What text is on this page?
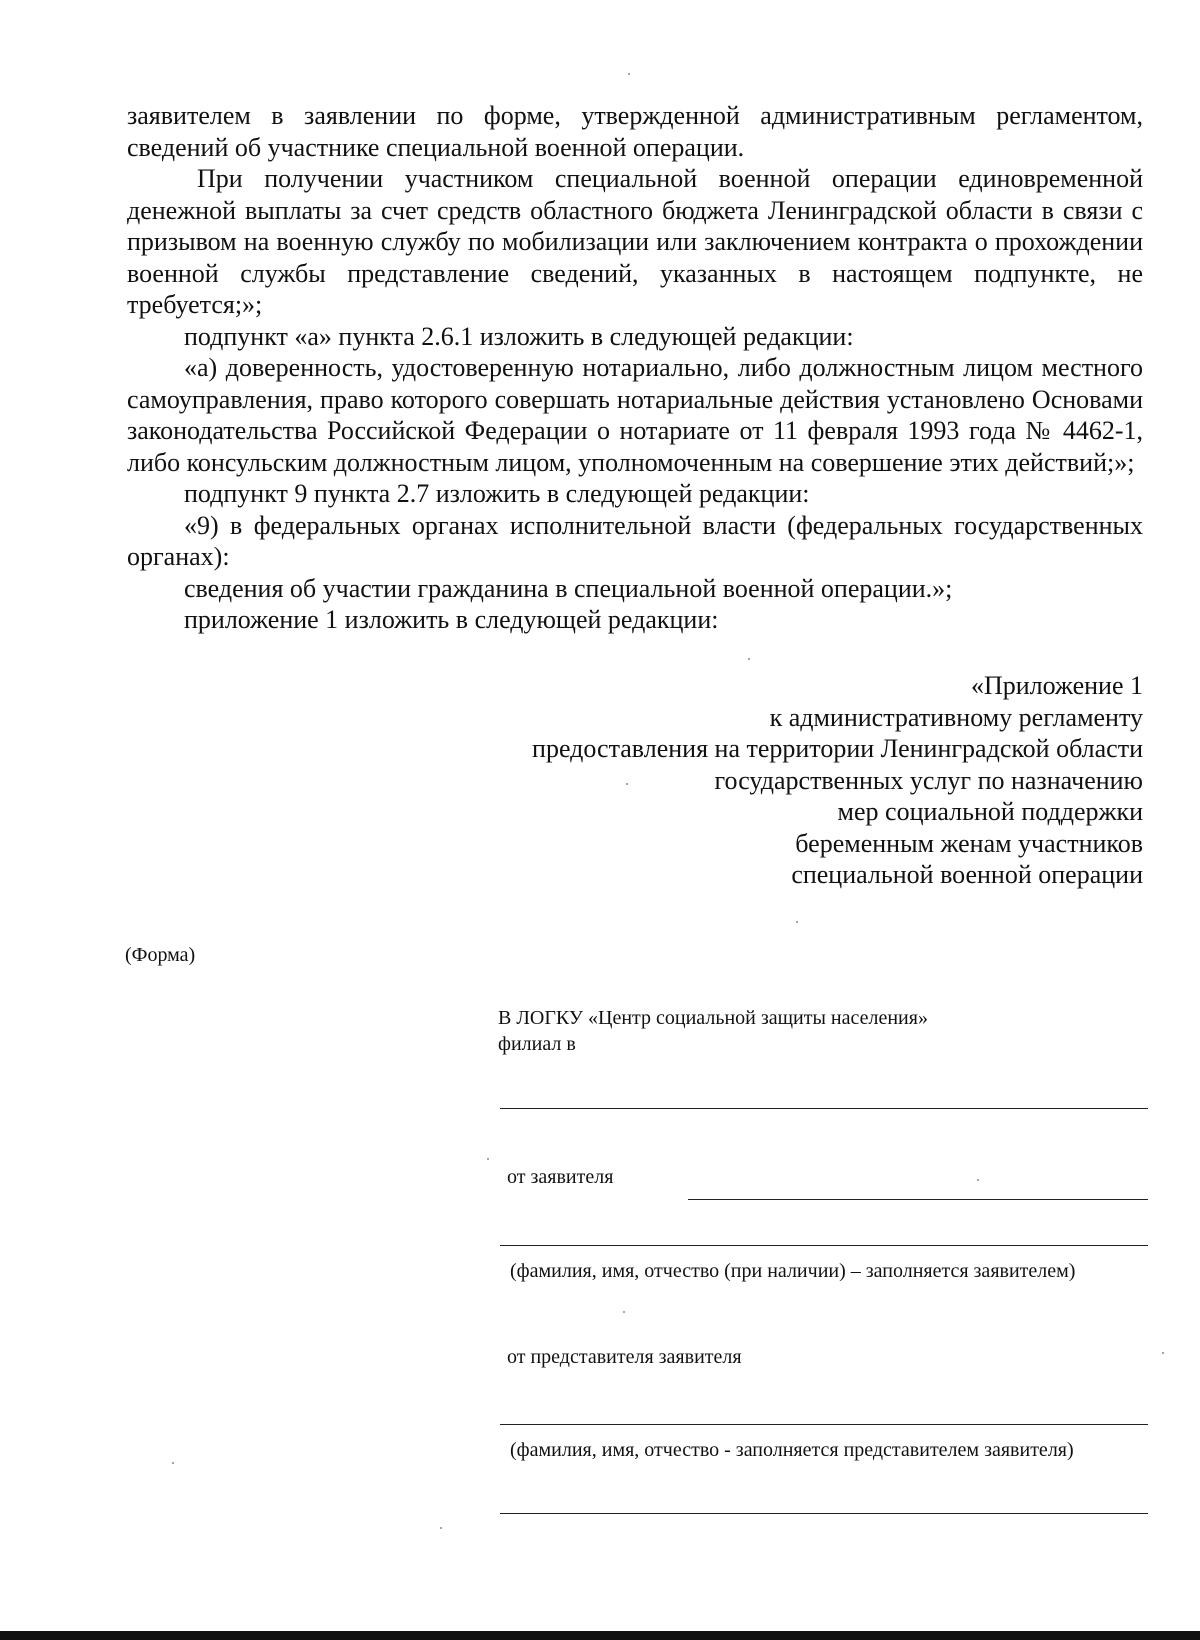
заявителем в заявлении по форме, утвержденной административным регламентом, сведений об участнике специальной военной операции.

При получении участником специальной военной операции единовременной денежной выплаты за счет средств областного бюджета Ленинградской области в связи с призывом на военную службу по мобилизации или заключением контракта о прохождении военной службы представление сведений, указанных в настоящем подпункте, не требуется;»;

подпункт «а» пункта 2.6.1 изложить в следующей редакции:

«а) доверенность, удостоверенную нотариально, либо должностным лицом местного самоуправления, право которого совершать нотариальные действия установлено Основами законодательства Российской Федерации о нотариате от 11 февраля 1993 года № 4462-1, либо консульским должностным лицом, уполномоченным на совершение этих действий;»;

подпункт 9 пункта 2.7 изложить в следующей редакции:

«9) в федеральных органах исполнительной власти (федеральных государственных органах):

сведения об участии гражданина в специальной военной операции.»;

приложение 1 изложить в следующей редакции:

«Приложение 1
к административному регламенту
предоставления на территории Ленинградской области
государственных услуг по назначению
мер социальной поддержки
беременным женам участников
специальной военной операции
(Форма)

В ЛОГКУ «Центр социальной защиты населения»

филиал в

от заявителя
(фамилия, имя, отчество (при наличии) – заполняется заявителем)
от представителя заявителя
(фамилия, имя, отчество - заполняется представителем заявителя)
